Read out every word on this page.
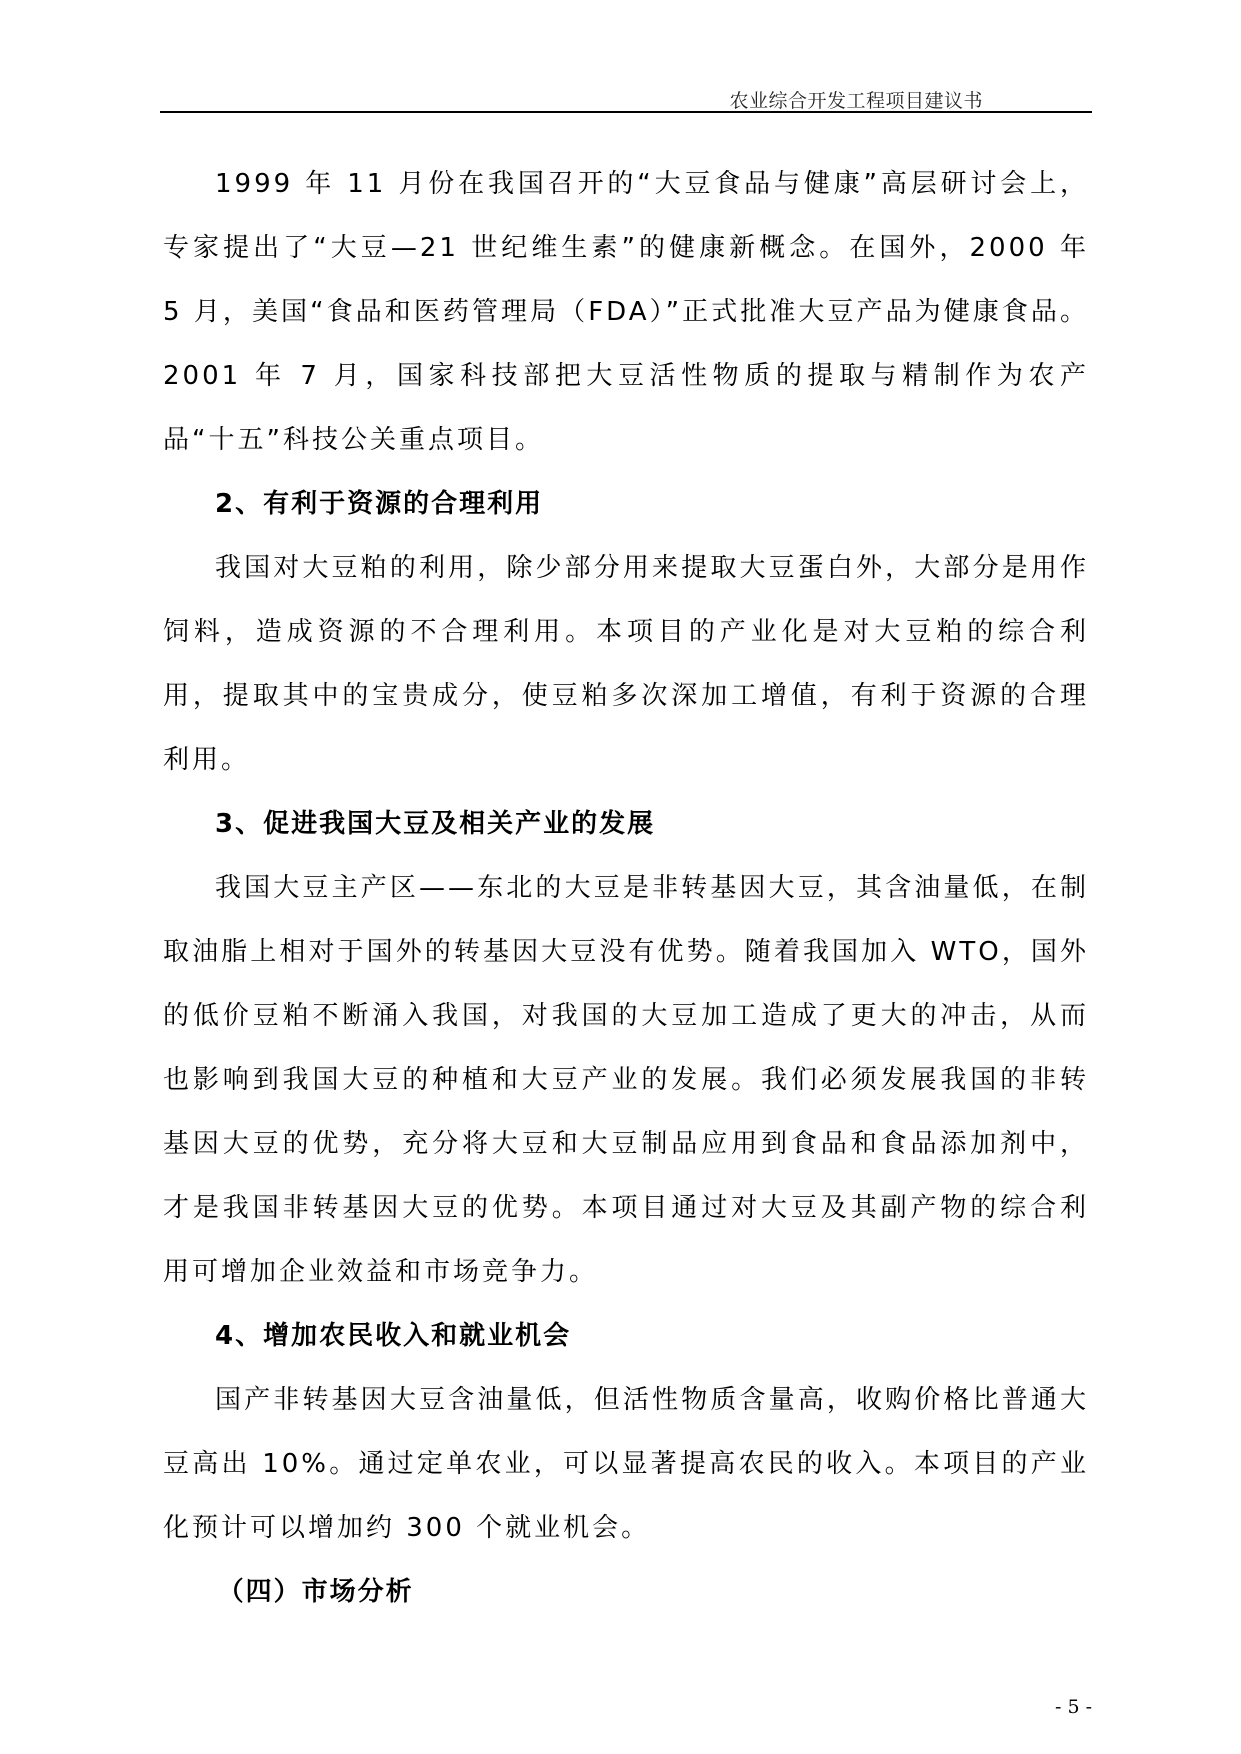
农业综合开发工程项目建议书

1999 年 11 月份在我国召开的“大豆食品与健康”高层研讨会上，专家提出了“大豆—21 世纪维生素”的健康新概念。在国外，2000 年 5 月，美国“食品和医药管理局（FDA）”正式批准大豆产品为健康食品。2001 年 7 月，国家科技部把大豆活性物质的提取与精制作为农产品“十五”科技公关重点项目。

2、有利于资源的合理利用

我国对大豆粕的利用，除少部分用来提取大豆蛋白外，大部分是用作饲料，造成资源的不合理利用。本项目的产业化是对大豆粕的综合利用，提取其中的宝贵成分，使豆粕多次深加工增值，有利于资源的合理利用。

3、促进我国大豆及相关产业的发展

我国大豆主产区——东北的大豆是非转基因大豆，其含油量低，在制取油脂上相对于国外的转基因大豆没有优势。随着我国加入 WTO，国外的低价豆粕不断涌入我国，对我国的大豆加工造成了更大的冲击，从而也影响到我国大豆的种植和大豆产业的发展。我们必须发展我国的非转基因大豆的优势，充分将大豆和大豆制品应用到食品和食品添加剂中，才是我国非转基因大豆的优势。本项目通过对大豆及其副产物的综合利用可增加企业效益和市场竞争力。

4、增加农民收入和就业机会

国产非转基因大豆含油量低，但活性物质含量高，收购价格比普通大豆高出 10%。通过定单农业，可以显著提高农民的收入。本项目的产业化预计可以增加约 300 个就业机会。

（四）市场分析

- 5 -
